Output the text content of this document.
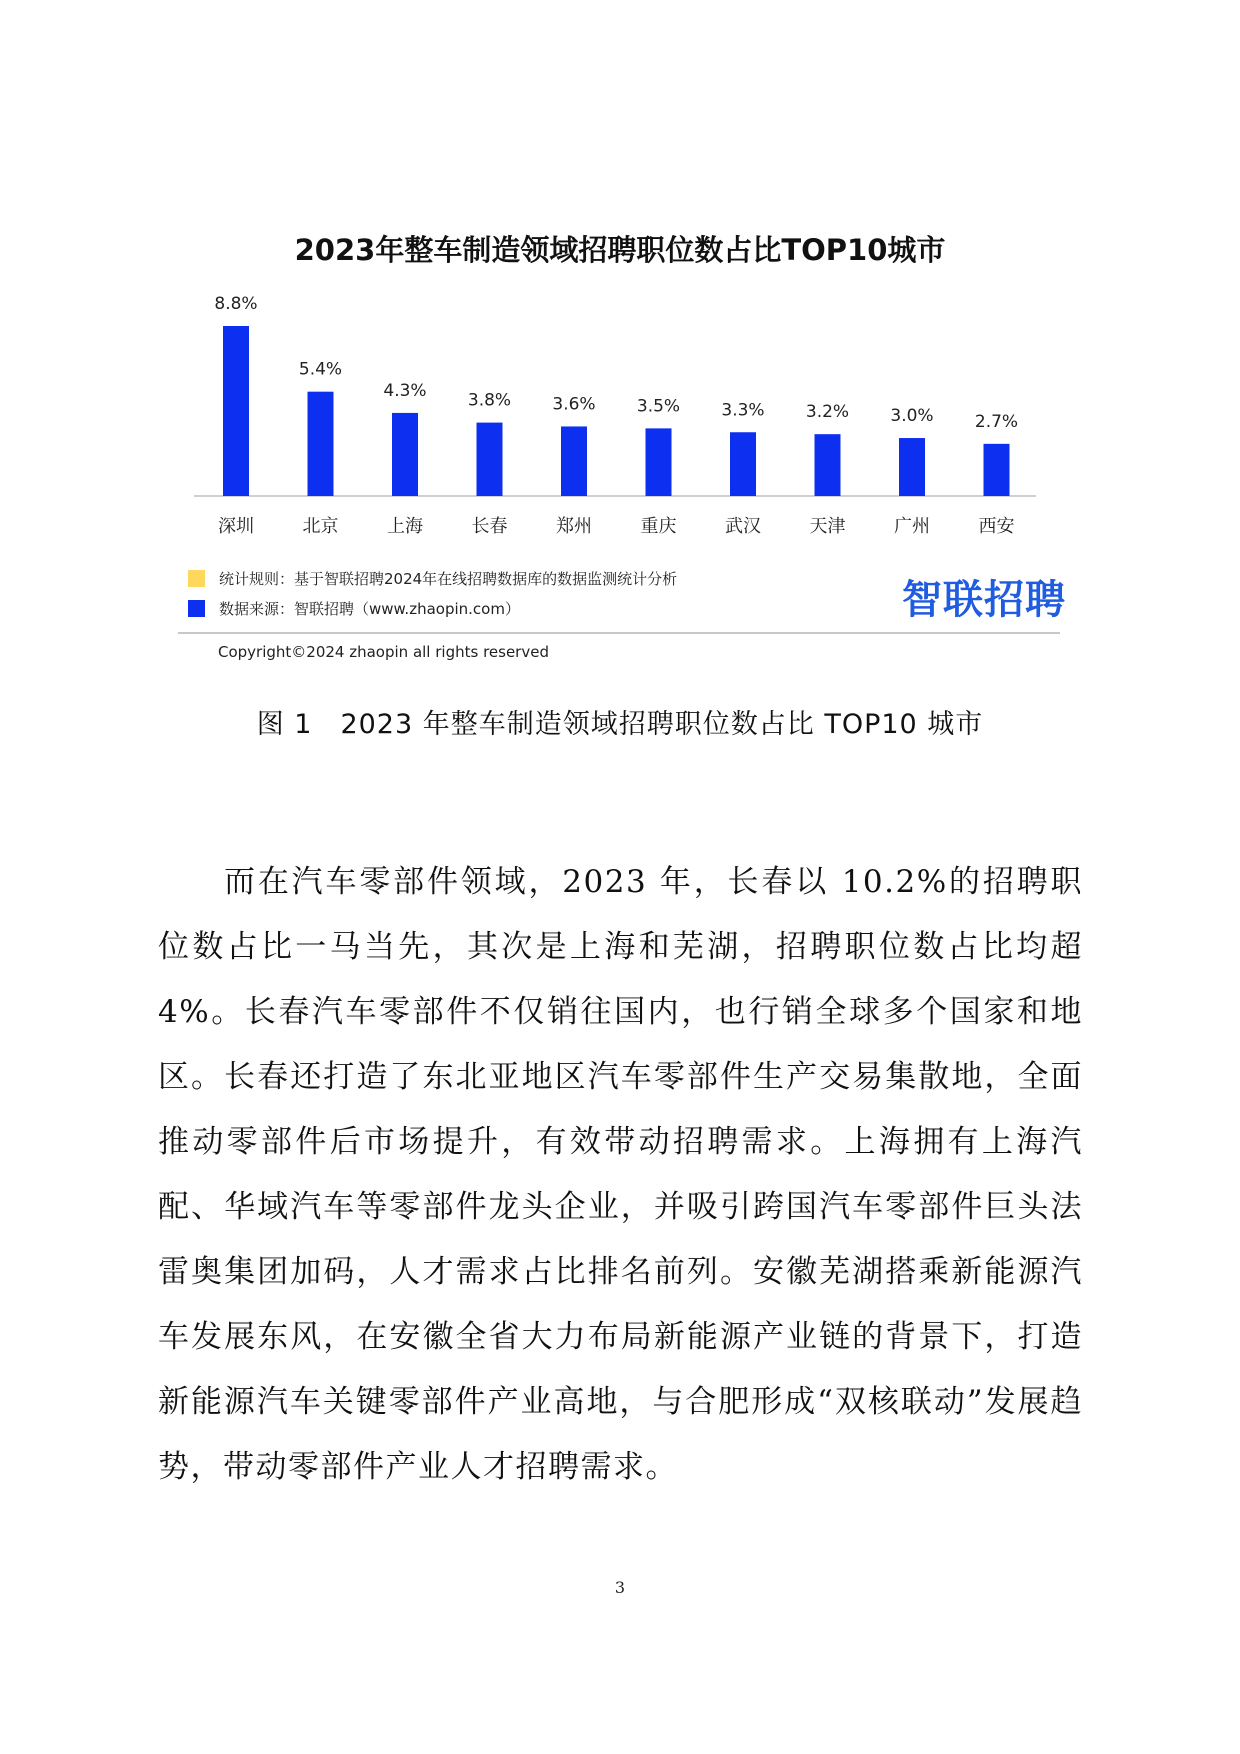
2023年整车制造领域招聘职位数占比TOP10城市
8.8%
深圳
5.4%
北京
4.3%
上海
3.8%
长春
3.6%
郑州
3.5%
重庆
3.3%
武汉
3.2%
天津
3.0%
广州
2.7%
西安
统计规则：基于智联招聘2024年在线招聘数据库的数据监测统计分析
数据来源：智联招聘（www.zhaopin.com）	智联招聘
Copyright©2024 zhaopin all rights reserved
图 1　2023 年整车制造领域招聘职位数占比 TOP10 城市

而在汽车零部件领域，2023 年，长春以 10.2%的招聘职位数占比一马当先，其次是上海和芜湖，招聘职位数占比均超 4%。长春汽车零部件不仅销往国内，也行销全球多个国家和地区。长春还打造了东北亚地区汽车零部件生产交易集散地，全面推动零部件后市场提升，有效带动招聘需求。上海拥有上海汽配、华域汽车等零部件龙头企业，并吸引跨国汽车零部件巨头法雷奥集团加码，人才需求占比排名前列。安徽芜湖搭乘新能源汽车发展东风，在安徽全省大力布局新能源产业链的背景下，打造新能源汽车关键零部件产业高地，与合肥形成“双核联动”发展趋势，带动零部件产业人才招聘需求。

3
